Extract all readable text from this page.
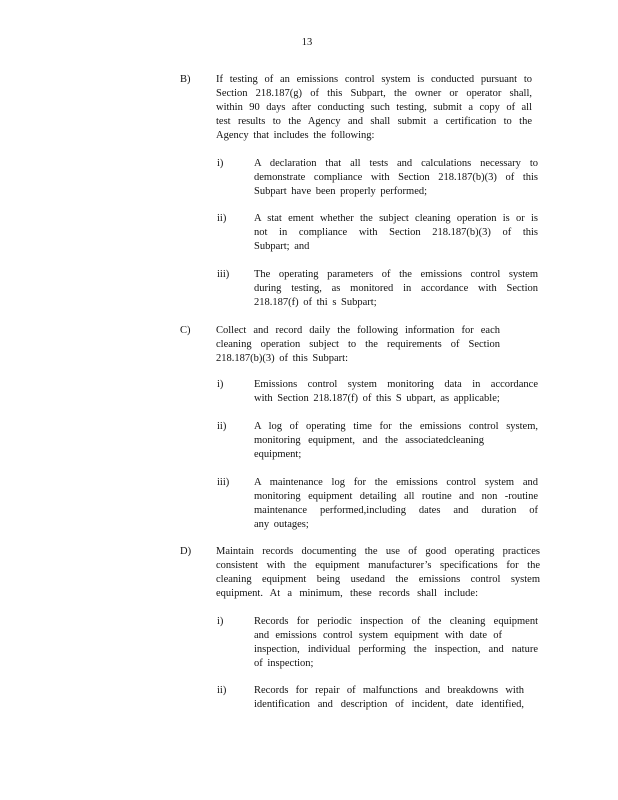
13
B) If testing of an emissions control system is conducted pursuant to
Section 218.187(g) of this Subpart, the owner or operator shall,
within 90 days after conducting such testing, submit a copy of all
test results to the Agency and shall submit a certification to the
Agency that includes the following:
i)	A declaration that all tests and calculations necessary to
demonstrate compliance with Section 218.187(b)(3) of this
Subpart have been properly performed;
ii)	A stat ement whether the subject cleaning operation is or is
not in compliance with Section 218.187(b)(3) of this
Subpart; and
iii) The operating parameters of the emissions control system
during testing, as monitored in accordance with Section
218.187(f) of thi s Subpart;
C) Collect and record daily the following information for each
cleaning operation subject to the requirements of Section
218.187(b)(3) of this Subpart:
i)	Emissions control system monitoring data in accordance
with Section 218.187(f) of this S ubpart, as applicable;
ii)	A log of operating time for the emissions control system,
monitoring equipment, and the associatedcleaning
equipment;
iii) A maintenance log for the emissions control system and
monitoring equipment detailing all routine and non -routine
maintenance performed,including dates and duration of
any outages;
D) Maintain records documenting the use of good operating practices
consistent with the equipment manufacturer’s specifications for the
cleaning equipment being usedand the emissions control system
equipment. At a minimum, these records shall include:
i)	Records for periodic inspection of the cleaning equipment
and emissions control system equipment with date of
inspection, individual performing the inspection, and nature
of inspection;
ii)	Records for repair of malfunctions and breakdowns with
identification and description of incident, date identified,
